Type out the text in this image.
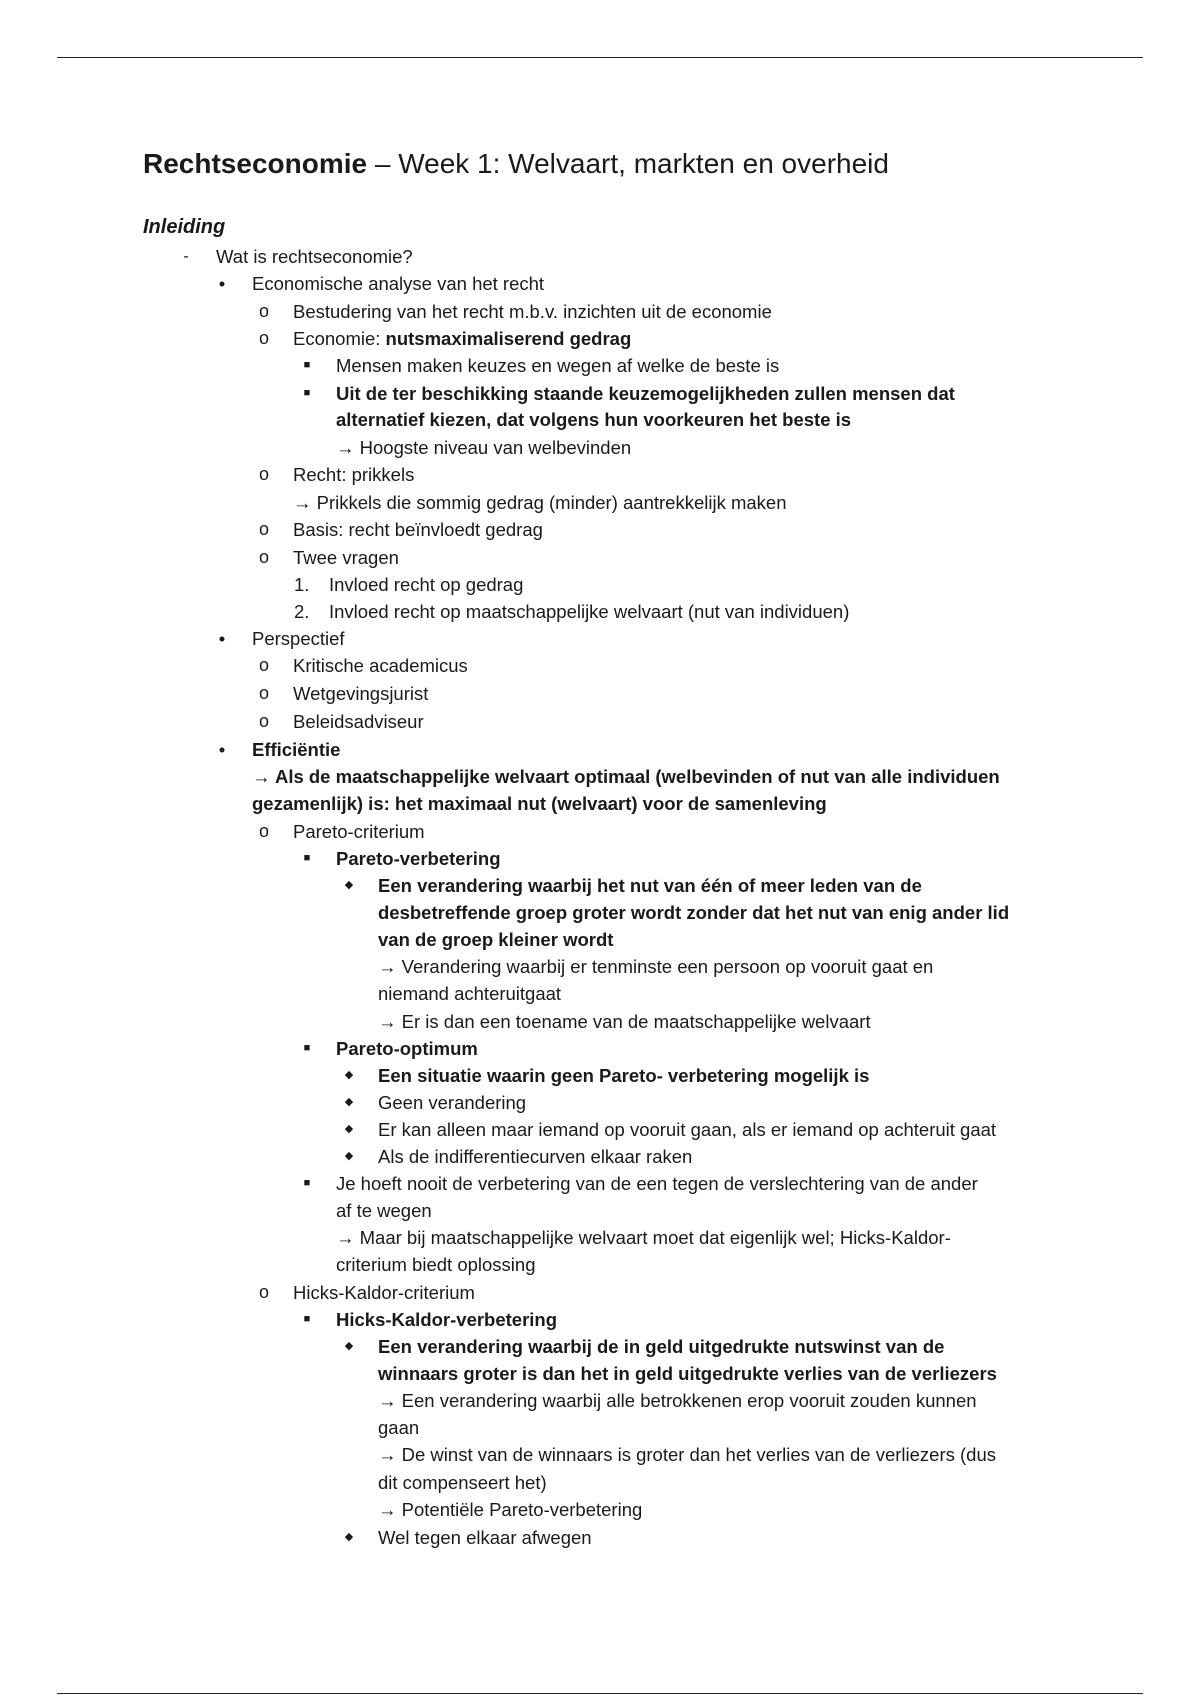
Rechtseconomie – Week 1: Welvaart, markten en overheid
Inleiding
-
•
o
o
■
■
o
o
o
•
o
o
o
•
o
■
◆
■
◆
◆
◆
◆
■
o
■
◆
◆
1.
2.
Wat is rechtseconomie?
Economische analyse van het recht
Bestudering van het recht m.b.v. inzichten uit de economie
Economie: nutsmaximaliserend gedrag
Mensen maken keuzes en wegen af welke de beste is
Uit de ter beschikking staande keuzemogelijkheden zullen mensen dat
alternatief kiezen, dat volgens hun voorkeuren het beste is
→ Hoogste niveau van welbevinden
Recht: prikkels
→ Prikkels die sommig gedrag (minder) aantrekkelijk maken
Basis: recht beïnvloedt gedrag
Twee vragen
Invloed recht op gedrag
Invloed recht op maatschappelijke welvaart (nut van individuen)
Perspectief
Kritische academicus
Wetgevingsjurist
Beleidsadviseur
Efficiëntie
→ Als de maatschappelijke welvaart optimaal (welbevinden of nut van alle individuen
gezamenlijk) is: het maximaal nut (welvaart) voor de samenleving
Pareto-criterium
Pareto-verbetering
Een verandering waarbij het nut van één of meer leden van de
desbetreffende groep groter wordt zonder dat het nut van enig ander lid
van de groep kleiner wordt
→ Verandering waarbij er tenminste een persoon op vooruit gaat en
niemand achteruitgaat
→ Er is dan een toename van de maatschappelijke welvaart
Pareto-optimum
Een situatie waarin geen Pareto- verbetering mogelijk is
Geen verandering
Er kan alleen maar iemand op vooruit gaan, als er iemand op achteruit gaat
Als de indifferentiecurven elkaar raken
Je hoeft nooit de verbetering van de een tegen de verslechtering van de ander
af te wegen
→ Maar bij maatschappelijke welvaart moet dat eigenlijk wel; Hicks-Kaldor-
criterium biedt oplossing
Hicks-Kaldor-criterium
Hicks-Kaldor-verbetering
Een verandering waarbij de in geld uitgedrukte nutswinst van de
winnaars groter is dan het in geld uitgedrukte verlies van de verliezers
→ Een verandering waarbij alle betrokkenen erop vooruit zouden kunnen
gaan
→ De winst van de winnaars is groter dan het verlies van de verliezers (dus
dit compenseert het)
→ Potentiële Pareto-verbetering
Wel tegen elkaar afwegen
